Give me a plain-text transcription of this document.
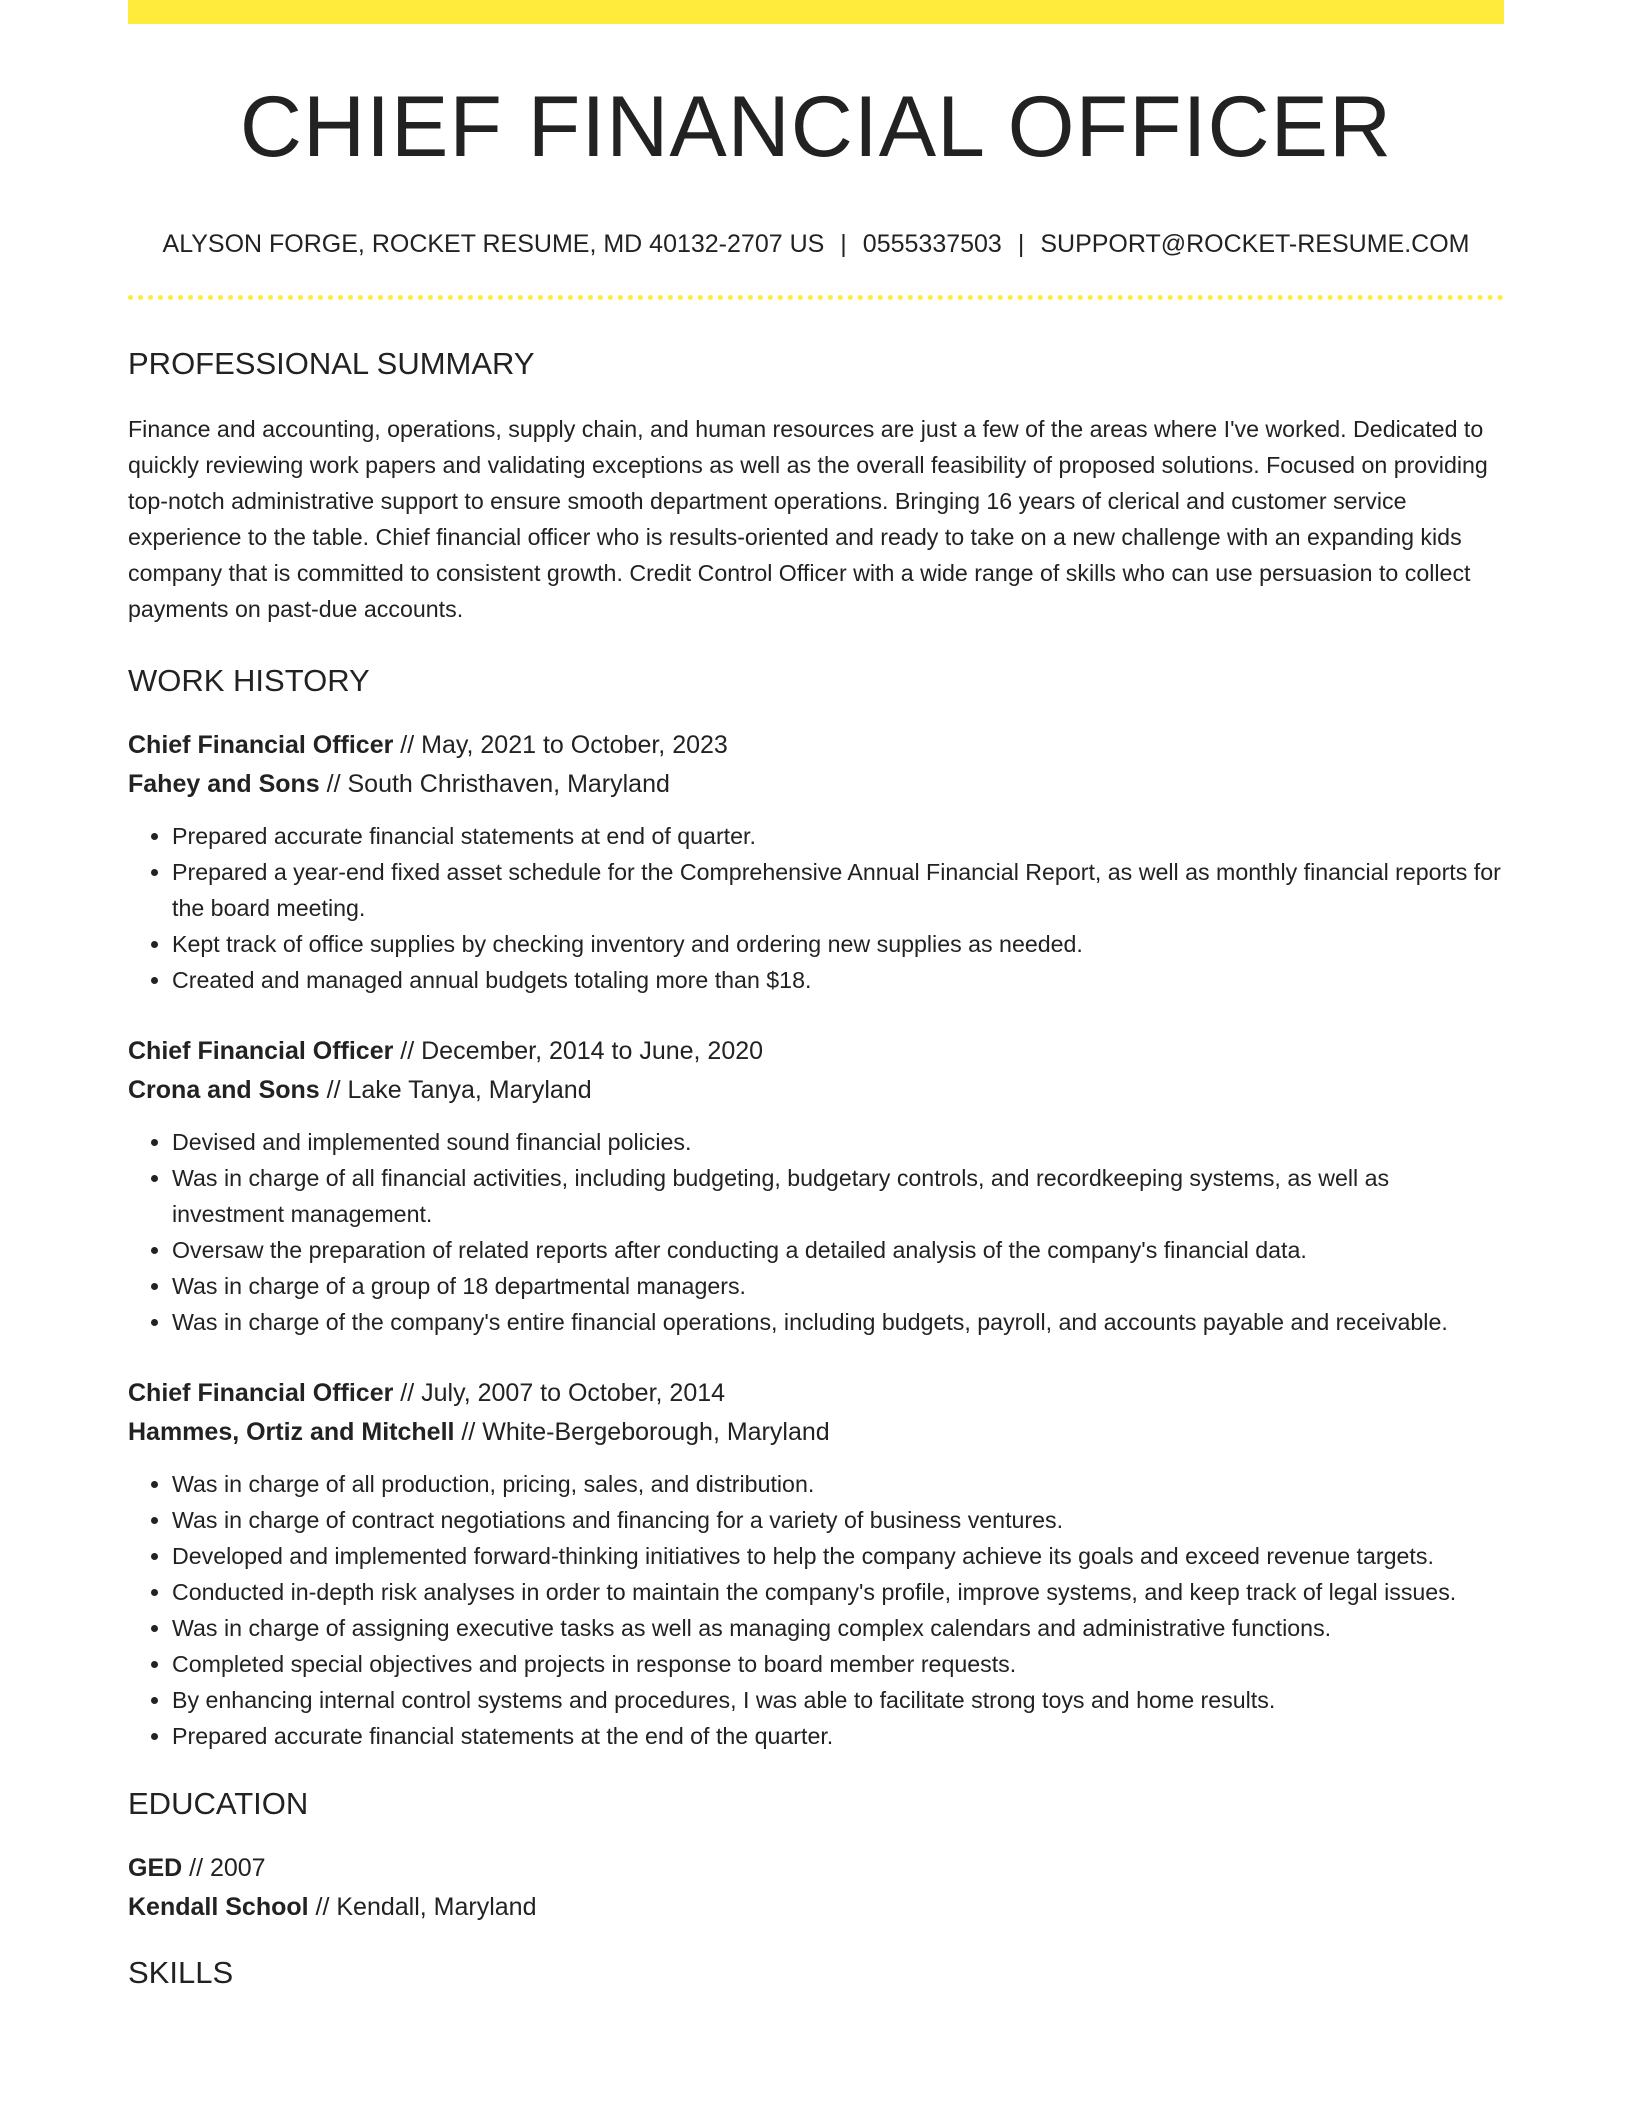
CHIEF FINANCIAL OFFICER
ALYSON FORGE, ROCKET RESUME, MD 40132-2707 US | 0555337503 | SUPPORT@ROCKET-RESUME.COM
PROFESSIONAL SUMMARY
Finance and accounting, operations, supply chain, and human resources are just a few of the areas where I've worked. Dedicated to quickly reviewing work papers and validating exceptions as well as the overall feasibility of proposed solutions. Focused on providing top-notch administrative support to ensure smooth department operations. Bringing 16 years of clerical and customer service experience to the table. Chief financial officer who is results-oriented and ready to take on a new challenge with an expanding kids company that is committed to consistent growth. Credit Control Officer with a wide range of skills who can use persuasion to collect payments on past-due accounts.
WORK HISTORY
Chief Financial Officer // May, 2021 to October, 2023
Fahey and Sons // South Christhaven, Maryland
• Prepared accurate financial statements at end of quarter.
• Prepared a year-end fixed asset schedule for the Comprehensive Annual Financial Report, as well as monthly financial reports for the board meeting.
• Kept track of office supplies by checking inventory and ordering new supplies as needed.
• Created and managed annual budgets totaling more than $18.
Chief Financial Officer // December, 2014 to June, 2020
Crona and Sons // Lake Tanya, Maryland
• Devised and implemented sound financial policies.
• Was in charge of all financial activities, including budgeting, budgetary controls, and recordkeeping systems, as well as investment management.
• Oversaw the preparation of related reports after conducting a detailed analysis of the company's financial data.
• Was in charge of a group of 18 departmental managers.
• Was in charge of the company's entire financial operations, including budgets, payroll, and accounts payable and receivable.
Chief Financial Officer // July, 2007 to October, 2014
Hammes, Ortiz and Mitchell // White-Bergeborough, Maryland
• Was in charge of all production, pricing, sales, and distribution.
• Was in charge of contract negotiations and financing for a variety of business ventures.
• Developed and implemented forward-thinking initiatives to help the company achieve its goals and exceed revenue targets.
• Conducted in-depth risk analyses in order to maintain the company's profile, improve systems, and keep track of legal issues.
• Was in charge of assigning executive tasks as well as managing complex calendars and administrative functions.
• Completed special objectives and projects in response to board member requests.
• By enhancing internal control systems and procedures, I was able to facilitate strong toys and home results.
• Prepared accurate financial statements at the end of the quarter.
EDUCATION
GED // 2007
Kendall School // Kendall, Maryland
SKILLS
